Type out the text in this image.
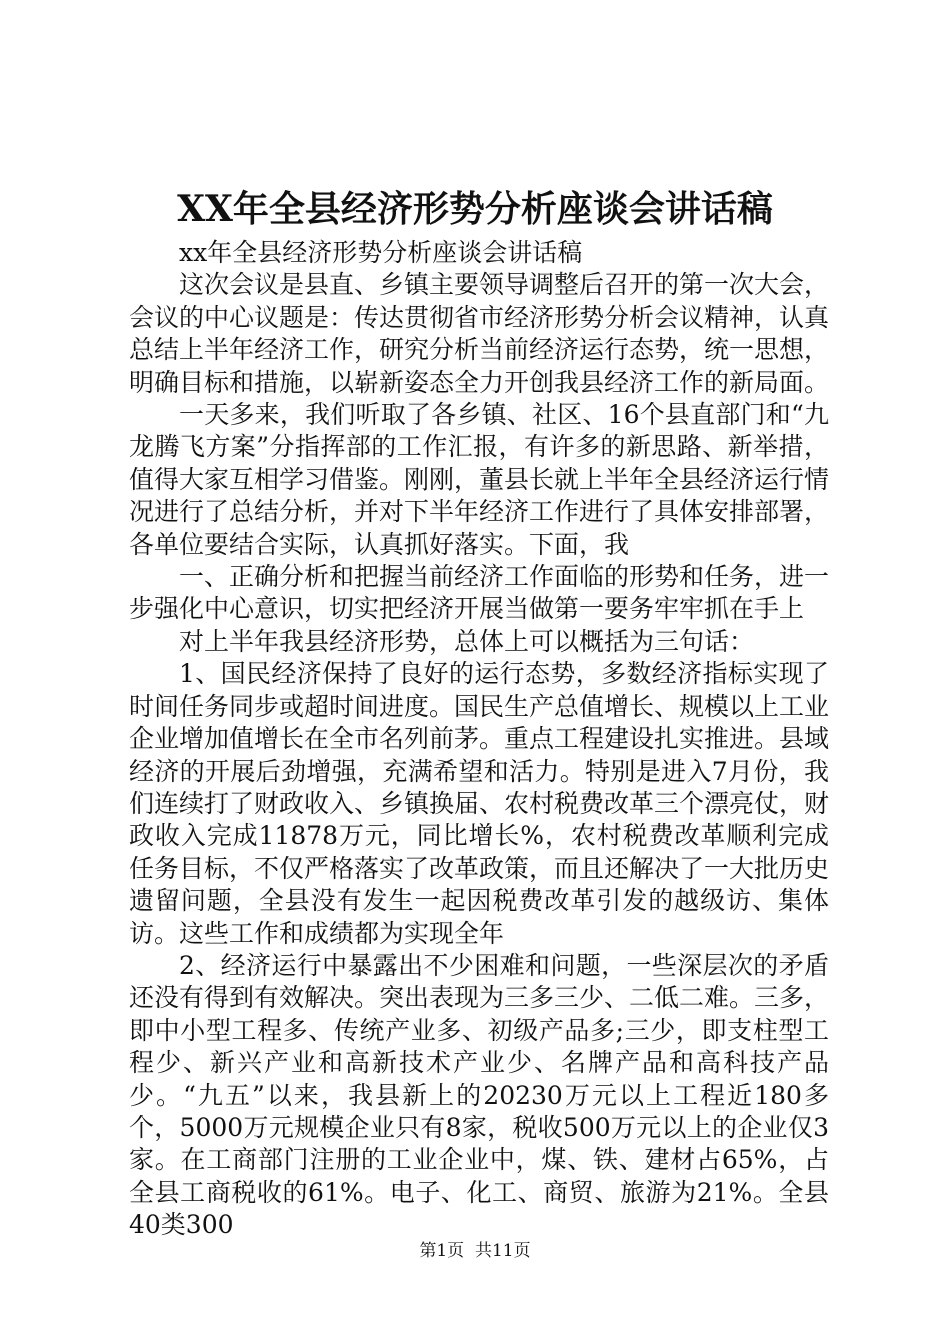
XX年全县经济形势分析座谈会讲话稿

xx年全县经济形势分析座谈会讲话稿

这次会议是县直、乡镇主要领导调整后召开的第一次大会，会议的中心议题是：传达贯彻省市经济形势分析会议精神，认真总结上半年经济工作，研究分析当前经济运行态势，统一思想，明确目标和措施，以崭新姿态全力开创我县经济工作的新局面。

一天多来，我们听取了各乡镇、社区、16个县直部门和“九龙腾飞方案”分指挥部的工作汇报，有许多的新思路、新举措，值得大家互相学习借鉴。刚刚，董县长就上半年全县经济运行情况进行了总结分析，并对下半年经济工作进行了具体安排部署，各单位要结合实际，认真抓好落实。下面，我

一、正确分析和把握当前经济工作面临的形势和任务，进一步强化中心意识，切实把经济开展当做第一要务牢牢抓在手上

对上半年我县经济形势，总体上可以概括为三句话：

1、国民经济保持了良好的运行态势，多数经济指标实现了时间任务同步或超时间进度。国民生产总值增长、规模以上工业企业增加值增长在全市名列前茅。重点工程建设扎实推进。县域经济的开展后劲增强，充满希望和活力。特别是进入7月份，我们连续打了财政收入、乡镇换届、农村税费改革三个漂亮仗，财政收入完成11878万元，同比增长%，农村税费改革顺利完成任务目标，不仅严格落实了改革政策，而且还解决了一大批历史遗留问题，全县没有发生一起因税费改革引发的越级访、集体访。这些工作和成绩都为实现全年

2、经济运行中暴露出不少困难和问题，一些深层次的矛盾还没有得到有效解决。突出表现为三多三少、二低二难。三多，即中小型工程多、传统产业多、初级产品多;三少，即支柱型工程少、新兴产业和高新技术产业少、名牌产品和高科技产品少。“九五”以来，我县新上的20230万元以上工程近180多个，5000万元规模企业只有8家，税收500万元以上的企业仅3家。在工商部门注册的工业企业中，煤、铁、建材占65%，占全县工商税收的61%。电子、化工、商贸、旅游为21%。全县40类300

第1页  共11页
